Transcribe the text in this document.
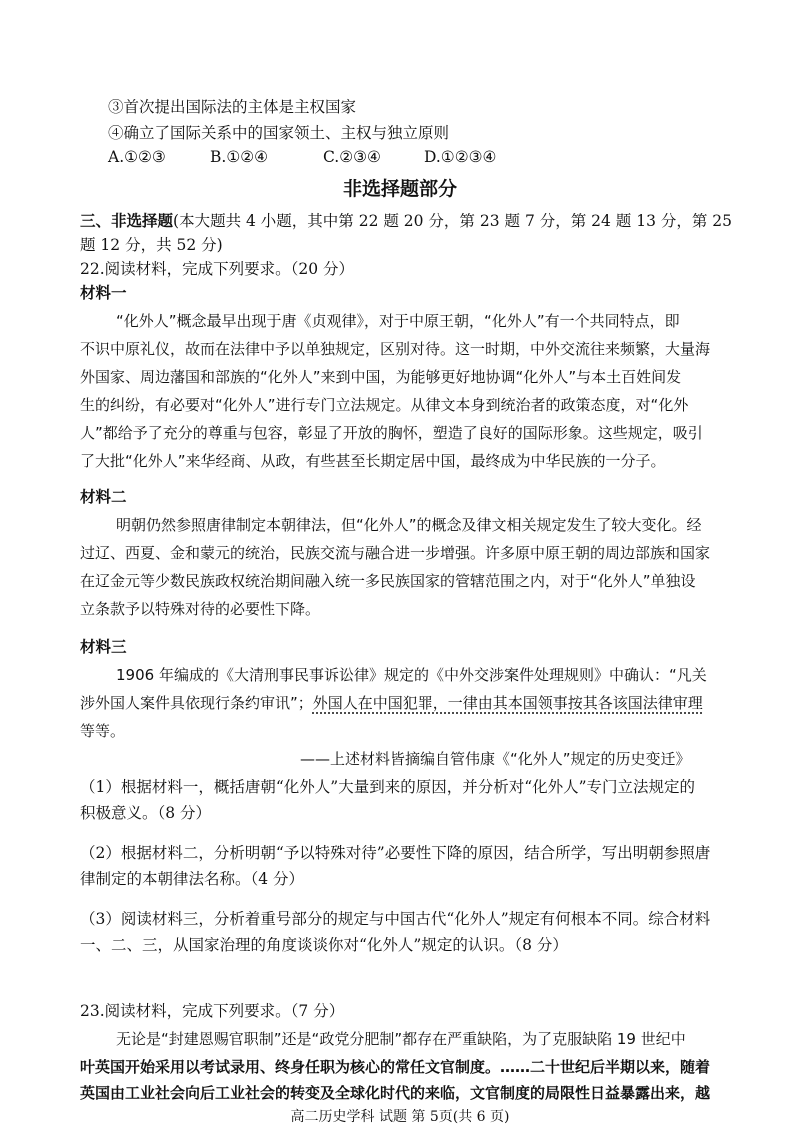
③首次提出国际法的主体是主权国家
④确立了国际关系中的国家领土、主权与独立原则
A.①②③	B.①②④	C.②③④	D.①②③④
非选择题部分
三、非选择题(本大题共 4 小题，其中第 22 题 20 分，第 23 题 7 分，第 24 题 13 分，第 25
题 12 分，共 52 分)
22.阅读材料，完成下列要求。（20 分）
材料一
“化外人”概念最早出现于唐《贞观律》，对于中原王朝，“化外人”有一个共同特点，即
不识中原礼仪，故而在法律中予以单独规定，区别对待。这一时期，中外交流往来频繁，大量海
外国家、周边藩国和部族的“化外人”来到中国，为能够更好地协调“化外人”与本土百姓间发
生的纠纷，有必要对“化外人”进行专门立法规定。从律文本身到统治者的政策态度，对“化外
人”都给予了充分的尊重与包容，彰显了开放的胸怀，塑造了良好的国际形象。这些规定，吸引
了大批“化外人”来华经商、从政，有些甚至长期定居中国，最终成为中华民族的一分子。
材料二
明朝仍然参照唐律制定本朝律法，但“化外人”的概念及律文相关规定发生了较大变化。经
过辽、西夏、金和蒙元的统治，民族交流与融合进一步增强。许多原中原王朝的周边部族和国家
在辽金元等少数民族政权统治期间融入统一多民族国家的管辖范围之内，对于“化外人”单独设
立条款予以特殊对待的必要性下降。
材料三
1906 年编成的《大清刑事民事诉讼律》规定的《中外交涉案件处理规则》中确认：“凡关
涉外国人案件具依现行条约审讯”；外国人在中国犯罪，一律由其本国领事按其各该国法律审理
等等。
——上述材料皆摘编自管伟康《“化外人”规定的历史变迁》
（1）根据材料一，概括唐朝“化外人”大量到来的原因，并分析对“化外人”专门立法规定的
积极意义。（8 分）
（2）根据材料二，分析明朝“予以特殊对待”必要性下降的原因，结合所学，写出明朝参照唐
律制定的本朝律法名称。（4 分）
（3）阅读材料三，分析着重号部分的规定与中国古代“化外人”规定有何根本不同。综合材料
一、二、三，从国家治理的角度谈谈你对“化外人”规定的认识。（8 分）
23.阅读材料，完成下列要求。（7 分）
无论是“封建恩赐官职制”还是“政党分肥制”都存在严重缺陷，为了克服缺陷 19 世纪中
叶英国开始采用以考试录用、终身任职为核心的常任文官制度。……二十世纪后半期以来，随着
英国由工业社会向后工业社会的转变及全球化时代的来临，文官制度的局限性日益暴露出来，越
高二历史学科 试题 第 5页(共 6 页)
